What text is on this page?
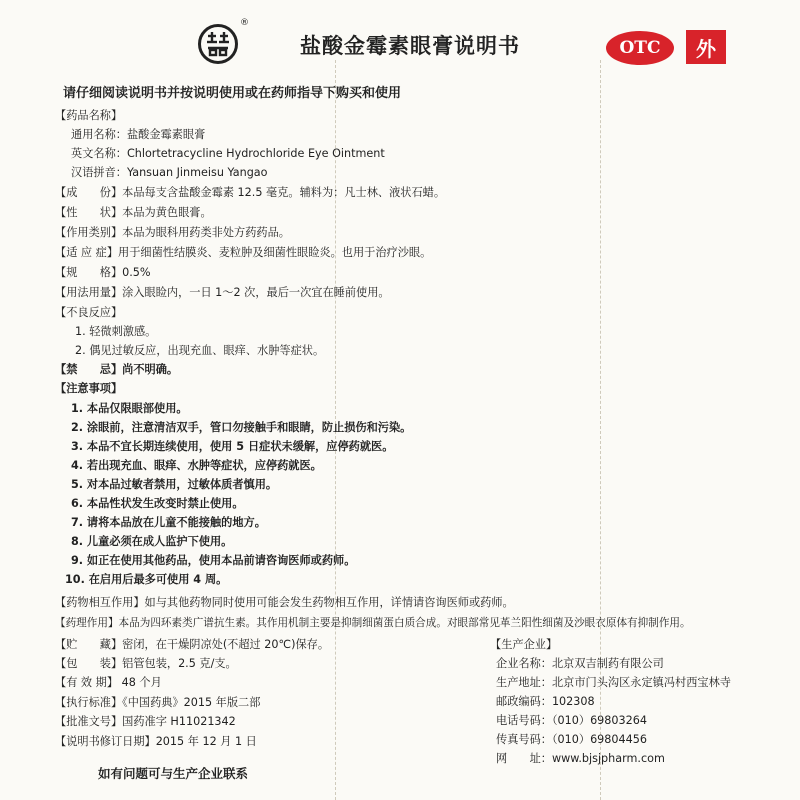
®
盐酸金霉素眼膏说明书	OTC	外
请仔细阅读说明书并按说明使用或在药师指导下购买和使用
【药品名称】
通用名称：盐酸金霉素眼膏
英文名称：Chlortetracycline Hydrochloride Eye Ointment
汉语拼音：Yansuan Jinmeisu Yangao
【成　　份】本品每支含盐酸金霉素 12.5 毫克。辅料为：凡士林、液状石蜡。
【性　　状】本品为黄色眼膏。
【作用类别】本品为眼科用药类非处方药药品。
【适 应 症】用于细菌性结膜炎、麦粒肿及细菌性眼睑炎。也用于治疗沙眼。
【规　　格】0.5%
【用法用量】涂入眼睑内，一日 1～2 次，最后一次宜在睡前使用。
【不良反应】
1. 轻微刺激感。
2. 偶见过敏反应，出现充血、眼痒、水肿等症状。
【禁　　忌】尚不明确。
【注意事项】
1. 本品仅限眼部使用。
2. 涂眼前，注意清洁双手，管口勿接触手和眼睛，防止损伤和污染。
3. 本品不宜长期连续使用，使用 5 日症状未缓解，应停药就医。
4. 若出现充血、眼痒、水肿等症状，应停药就医。
5. 对本品过敏者禁用，过敏体质者慎用。
6. 本品性状发生改变时禁止使用。
7. 请将本品放在儿童不能接触的地方。
8. 儿童必须在成人监护下使用。
9. 如正在使用其他药品，使用本品前请咨询医师或药师。
10. 在启用后最多可使用 4 周。
【药物相互作用】如与其他药物同时使用可能会发生药物相互作用，详情请咨询医师或药师。
【药理作用】本品为四环素类广谱抗生素。其作用机制主要是抑制细菌蛋白质合成。对眼部常见革兰阳性细菌及沙眼衣原体有抑制作用。
【贮　　藏】密闭，在干燥阴凉处(不超过 20℃)保存。
【包　　装】铝管包装，2.5 克/支。
【有 效 期】 48 个月
【执行标准】《中国药典》2015 年版二部
【批准文号】国药准字 H11021342
【说明书修订日期】2015 年 12 月 1 日
【生产企业】
企业名称：北京双吉制药有限公司
生产地址：北京市门头沟区永定镇冯村西宝林寺
邮政编码：102308
电话号码：（010）69803264
传真号码：（010）69804456
网　　址：www.bjsjpharm.com
如有问题可与生产企业联系
